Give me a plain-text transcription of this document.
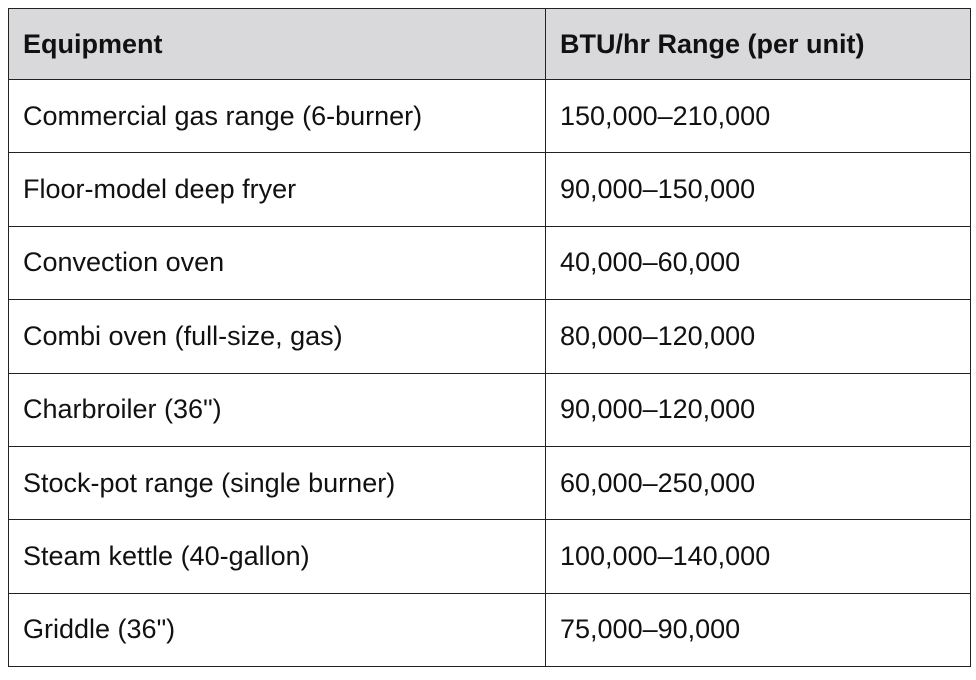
Equipment	BTU/hr Range (per unit)
Commercial gas range (6-burner)	150,000–210,000
Floor-model deep fryer	90,000–150,000
Convection oven	40,000–60,000
Combi oven (full-size, gas)	80,000–120,000
Charbroiler (36")	90,000–120,000
Stock-pot range (single burner)	60,000–250,000
Steam kettle (40-gallon)	100,000–140,000
Griddle (36")	75,000–90,000
